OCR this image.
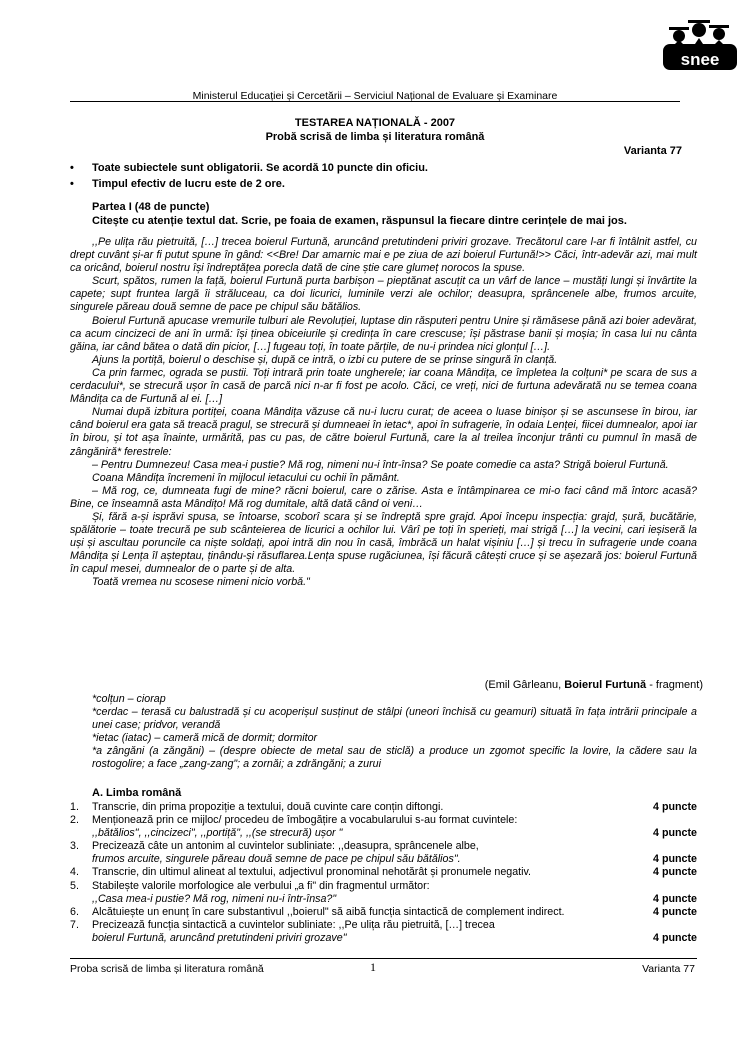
snee
Ministerul Educației și Cercetării – Serviciul Național de Evaluare și Examinare
TESTAREA NAȚIONALĂ - 2007
Probă scrisă de limba și literatura română
Varianta 77
• Toate subiectele sunt obligatorii. Se acordă 10 puncte din oficiu.
• Timpul efectiv de lucru este de 2 ore.
Partea I (48 de puncte)
Citește cu atenție textul dat. Scrie, pe foaia de examen, răspunsul la fiecare dintre cerințele de mai jos.

,,Pe ulița rău pietruită, […] trecea boierul Furtună, aruncând pretutindeni priviri grozave. Trecătorul care l-ar fi întâlnit astfel, cu drept cuvânt și-ar fi putut spune în gând: <<Bre! Dar amarnic mai e pe ziua de azi boierul Furtună!>> Căci, într-adevăr azi, mai mult ca oricând, boierul nostru își îndreptățea porecla dată de cine știe care glumeț norocos la spuse.

Scurt, spătos, rumen la față, boierul Furtună purta barbișon – pieptănat ascuțit ca un vârf de lance – mustăți lungi și învârtite la capete; supt fruntea largă îi străluceau, ca doi licurici, luminile verzi ale ochilor; deasupra, sprâncenele albe, frumos arcuite, singurele păreau două semne de pace pe chipul său bătălios.

Boierul Furtună apucase vremurile tulburi ale Revoluției, luptase din răsputeri pentru Unire și rămăsese până azi boier adevărat, ca acum cincizeci de ani în urmă: își ținea obiceiurile și credința în care crescuse; își păstrase banii și moșia; în casa lui nu cânta găina, iar când bătea o dată din picior, […] fugeau toți, în toate părțile, de nu-i prindea nici glonțul […].

Ajuns la portiță, boierul o deschise și, după ce intră, o izbi cu putere de se prinse singură în clanță.

Ca prin farmec, ograda se pustii. Toți intrară prin toate ungherele; iar coana Mândița, ce împletea la colțuni* pe scara de sus a cerdacului*, se strecură ușor în casă de parcă nici n-ar fi fost pe acolo. Căci, ce vreți, nici de furtuna adevărată nu se temea coana Mândița ca de Furtună al ei. […]

Numai după izbitura portiței, coana Mândița văzuse că nu-i lucru curat; de aceea o luase binișor și se ascunsese în birou, iar când boierul era gata să treacă pragul, se strecură și dumneaei în ietac*, apoi în sufragerie, în odaia Lenței, fiicei dumnealor, apoi iar în birou, și tot așa înainte, urmărită, pas cu pas, de către boierul Furtună, care la al treilea înconjur trânti cu pumnul în masă de zângăniră* ferestrele:

– Pentru Dumnezeu! Casa mea-i pustie? Mă rog, nimeni nu-i într-însa? Se poate comedie ca asta? Strigă boierul Furtună.

Coana Mândița încremeni în mijlocul ietacului cu ochii în pământ.

– Mă rog, ce, dumneata fugi de mine? răcni boierul, care o zărise. Asta e întâmpinarea ce mi-o faci când mă întorc acasă? Bine, ce înseamnă asta Mândițo! Mă rog dumitale, altă dată când oi veni…

Și, fără a-și isprăvi spusa, se întoarse, scoborî scara și se îndreptă spre grajd. Apoi începu inspecția: grajd, șură, bucătărie, spălătorie – toate trecură pe sub scânteierea de licurici a ochilor lui. Vârî pe toți în sperieți, mai strigă […] la vecini, cari ieșiseră la uși și ascultau poruncile ca niște soldați, apoi intră din nou în casă, îmbrăcă un halat vișiniu […] și trecu în sufragerie unde coana Mândița și Lența îl așteptau, ținându-și răsuflarea.Lența spuse rugăciunea, își făcură câtești cruce și se așezară jos: boierul Furtună în capul mesei, dumnealor de o parte și de alta.

Toată vremea nu scosese nimeni nicio vorbă."

(Emil Gârleanu, Boierul Furtună - fragment)

*colțun – ciorap

*cerdac – terasă cu balustradă și cu acoperișul susținut de stâlpi (uneori închisă cu geamuri) situată în fața intrării principale a unei case; pridvor, verandă

*ietac (iatac) – cameră mică de dormit; dormitor

*a zângăni (a zăngăni) – (despre obiecte de metal sau de sticlă) a produce un zgomot specific la lovire, la cădere sau la rostogolire; a face „zang-zang"; a zornăi; a zdrăngăni; a zurui

A. Limba română
1. Transcrie, din prima propoziție a textului, două cuvinte care conțin diftongi.	4 puncte
2. Menționează prin ce mijloc/ procedeu de îmbogățire a vocabularului s-au format cuvintele:
,,bătălios", ,,cincizeci", ,,portiță", ,,(se strecură) ușor "	4 puncte
3. Precizează câte un antonim al cuvintelor subliniate: ,,deasupra, sprâncenele albe,
frumos arcuite, singurele păreau două semne de pace pe chipul său bătălios".	4 puncte
4. Transcrie, din ultimul alineat al textului, adjectivul pronominal nehotărât și pronumele negativ.	4 puncte
5. Stabilește valorile morfologice ale verbului „a fi" din fragmentul următor:
,,Casa mea-i pustie? Mă rog, nimeni nu-i într-însa?"	4 puncte
6. Alcătuiește un enunț în care substantivul ,,boierul" să aibă funcția sintactică de complement indirect.	4 puncte
7. Precizează funcția sintactică a cuvintelor subliniate: ,,Pe ulița rău pietruită, […] trecea
boierul Furtună, aruncând pretutindeni priviri grozave"	4 puncte
Proba scrisă de limba și literatura română	1	Varianta 77
